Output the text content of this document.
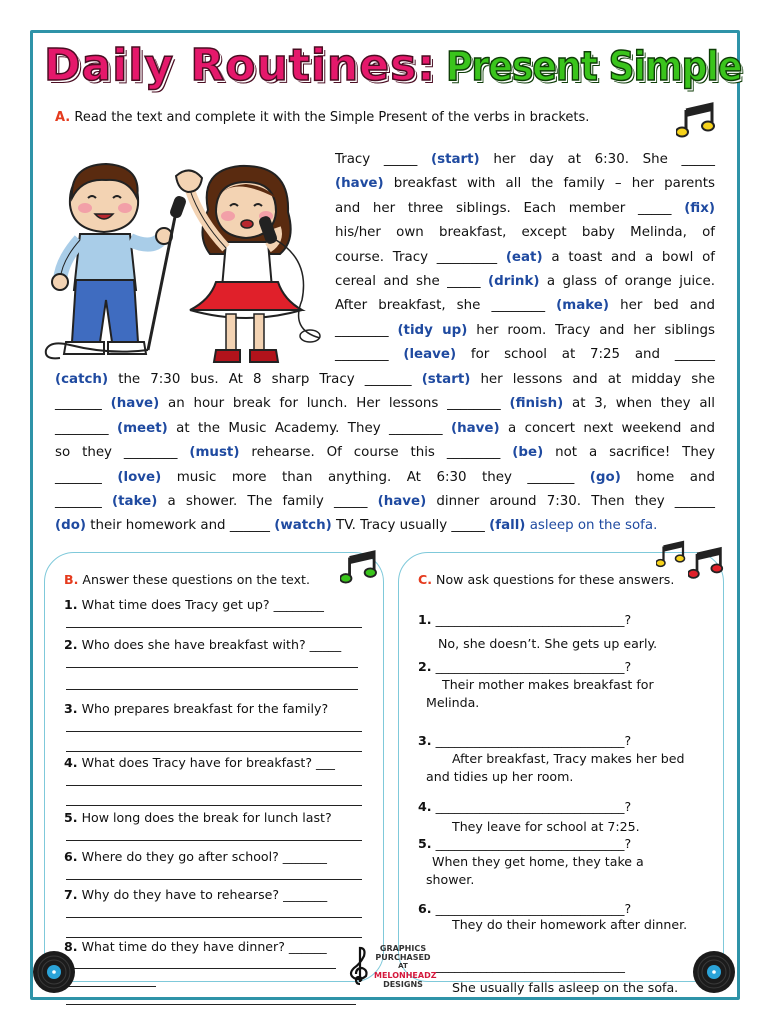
Daily Routines: Present Simple
A. Read the text and complete it with the Simple Present of the verbs in brackets.
Tracy _____ (start) her day at 6:30. She _____
(have) breakfast with all the family – her parents
and her three siblings. Each member _____ (fix)
his/her own breakfast, except baby Melinda, of
course. Tracy _________ (eat) a toast and a bowl of
cereal and she _____ (drink) a glass of orange juice.
After breakfast, she ________ (make) her bed and
________ (tidy up) her room. Tracy and her siblings
________ (leave) for school at 7:25 and ______
(catch) the 7:30 bus. At 8 sharp Tracy _______ (start) her lessons and at midday she
_______ (have) an hour break for lunch. Her lessons ________ (finish) at 3, when they all
________ (meet) at the Music Academy. They ________ (have) a concert next weekend and
so they ________ (must) rehearse. Of course this ________ (be) not a sacrifice! They
_______ (love) music more than anything. At 6:30 they _______ (go) home and
_______ (take) a shower. The family _____ (have) dinner around 7:30. Then they ______
(do) their homework and ______ (watch) TV. Tracy usually _____ (fall) asleep on the sofa.
B. Answer these questions on the text.
1. What time does Tracy get up? ________
2. Who does she have breakfast with? _____
3. Who prepares breakfast for the family?
4. What does Tracy have for breakfast? ___
5. How long does the break for lunch last?
6. Where do they go after school? _______
7. Why do they have to rehearse? _______
8. What time do they have dinner? ______
C. Now ask questions for these answers.
1. ______________________________?
No, she doesn’t. She gets up early.
2. ______________________________?
Their mother makes breakfast for
Melinda.
3. ______________________________?
After breakfast, Tracy makes her bed
and tidies up her room.
4. ______________________________?
They leave for school at 7:25.
5. ______________________________?
When they get home, they take a
shower.
6. ______________________________?
They do their homework after dinner.
______________________________
She usually falls asleep on the sofa.
GRAPHICS
PURCHASED
AT
MELONHEADZ
DESIGNS
